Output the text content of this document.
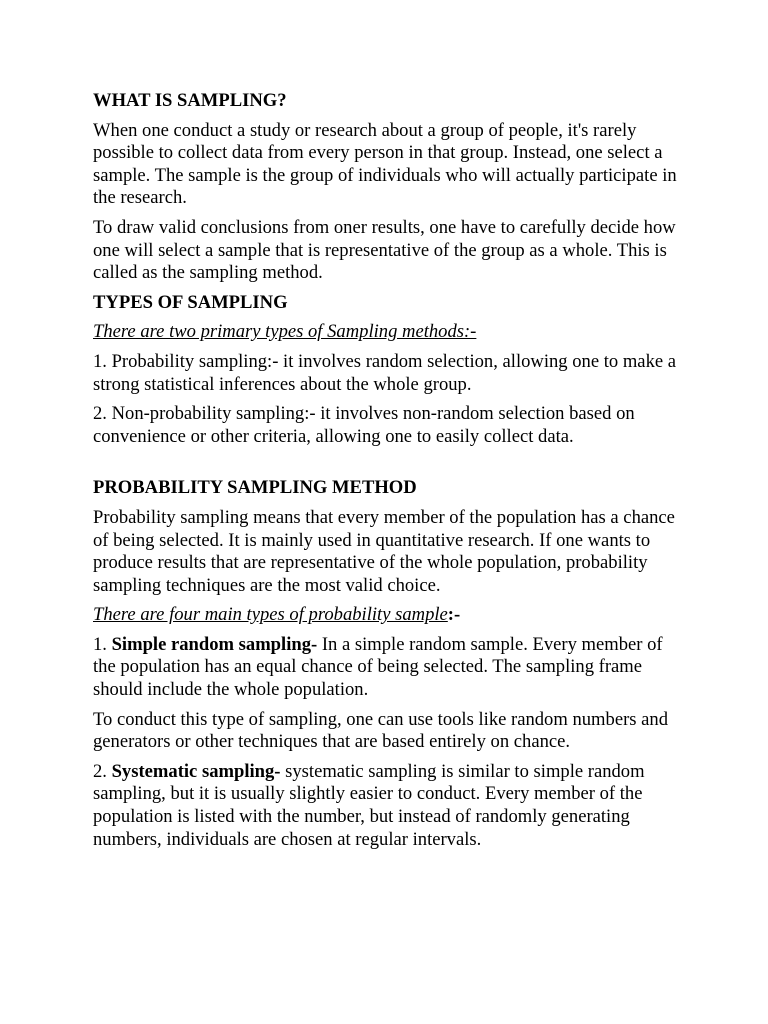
WHAT IS SAMPLING?

When one conduct a study or research about a group of people, it's rarely possible to collect data from every person in that group. Instead, one select a sample. The sample is the group of individuals who will actually participate in the research.

To draw valid conclusions from oner results, one have to carefully decide how one will select a sample that is representative of the group as a whole. This is called as the sampling method.

TYPES OF SAMPLING

There are two primary types of Sampling methods:-

1. Probability sampling:- it involves random selection, allowing one to make a strong statistical inferences about the whole group.

2. Non-probability sampling:- it involves non-random selection based on convenience or other criteria, allowing one to easily collect data.

PROBABILITY SAMPLING METHOD

Probability sampling means that every member of the population has a chance of being selected. It is mainly used in quantitative research. If one wants to produce results that are representative of the whole population, probability sampling techniques are the most valid choice.

There are four main types of probability sample:-

1. Simple random sampling- In a simple random sample. Every member of the population has an equal chance of being selected. The sampling frame should include the whole population.

To conduct this type of sampling, one can use tools like random numbers and generators or other techniques that are based entirely on chance.

2. Systematic sampling- systematic sampling is similar to simple random sampling, but it is usually slightly easier to conduct. Every member of the population is listed with the number, but instead of randomly generating numbers, individuals are chosen at regular intervals.
